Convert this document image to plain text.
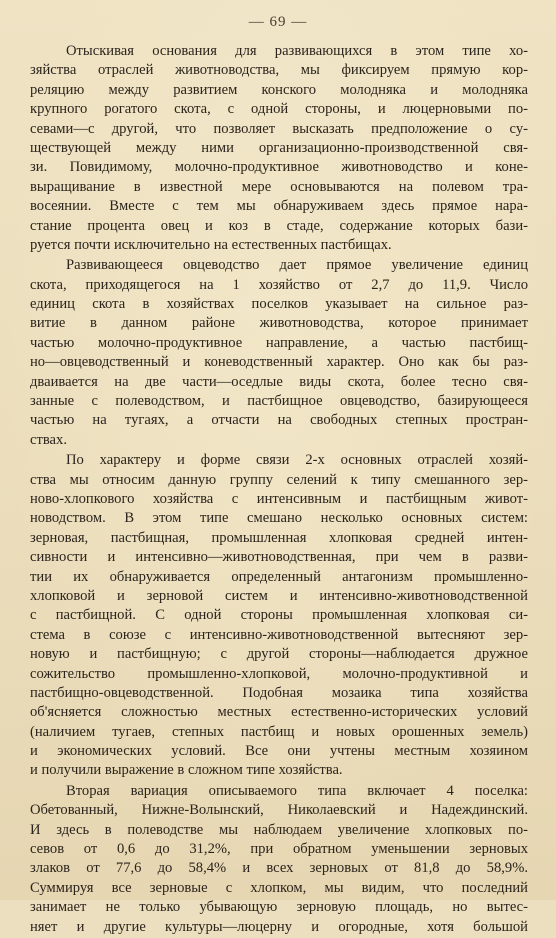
— 69 —
Отыскивая основания для развивающихся в этом типе хо-
зяйства отраслей животноводства, мы фиксируем прямую кор-
реляцию между развитием конского молодняка и молодняка
крупного рогатого скота, с одной стороны, и люцерновыми по-
севами—с другой, что позволяет высказать предположение о су-
ществующей между ними организационно-производственной свя-
зи. Повидимому, молочно-продуктивное животноводство и коне-
выращивание в известной мере основываются на полевом тра-
восеянии. Вместе с тем мы обнаруживаем здесь прямое нара-
стание процента овец и коз в стаде, содержание которых бази-
руется почти исключительно на естественных пастбищах.
Развивающееся овцеводство дает прямое увеличение единиц
скота, приходящегося на 1 хозяйство от 2,7 до 11,9. Число
единиц скота в хозяйствах поселков указывает на сильное раз-
витие в данном районе животноводства, которое принимает
частью молочно-продуктивное направление, а частью пастбищ-
но—овцеводственный и коневодственный характер. Оно как бы раз-
дваивается на две части—оседлые виды скота, более тесно свя-
занные с полеводством, и пастбищное овцеводство, базирующееся
частью на тугаях, а отчасти на свободных степных простран-
ствах.
По характеру и форме связи 2-х основных отраслей хозяй-
ства мы относим данную группу селений к типу смешанного зер-
ново-хлопкового хозяйства с интенсивным и пастбищным живот-
новодством. В этом типе смешано несколько основных систем:
зерновая, пастбищная, промышленная хлопковая средней интен-
сивности и интенсивно—животноводственная, при чем в разви-
тии их обнаруживается определенный антагонизм промышленно-
хлопковой и зерновой систем и интенсивно-животноводственной
с пастбищной. С одной стороны промышленная хлопковая си-
стема в союзе с интенсивно-животноводственной вытесняют зер-
новую и пастбищную; с другой стороны—наблюдается дружное
сожительство промышленно-хлопковой, молочно-продуктивной и
пастбищно-овцеводственной. Подобная мозаика типа хозяйства
об'ясняется сложностью местных естественно-исторических условий
(наличием тугаев, степных пастбищ и новых орошенных земель)
и экономических условий. Все они учтены местным хозяином
и получили выражение в сложном типе хозяйства.
Вторая вариация описываемого типа включает 4 поселка:
Обетованный, Нижне-Волынский, Николаевский и Надеждинский.
И здесь в полеводстве мы наблюдаем увеличение хлопковых по-
севов от 0,6 до 31,2%, при обратном уменьшении зерновых
злаков от 77,6 до 58,4% и всех зерновых от 81,8 до 58,9%.
Суммируя все зерновые с хлопком, мы видим, что последний
занимает не только убывающую зерновую площадь, но вытес-
няет и другие культуры—люцерну и огородные, хотя большой
